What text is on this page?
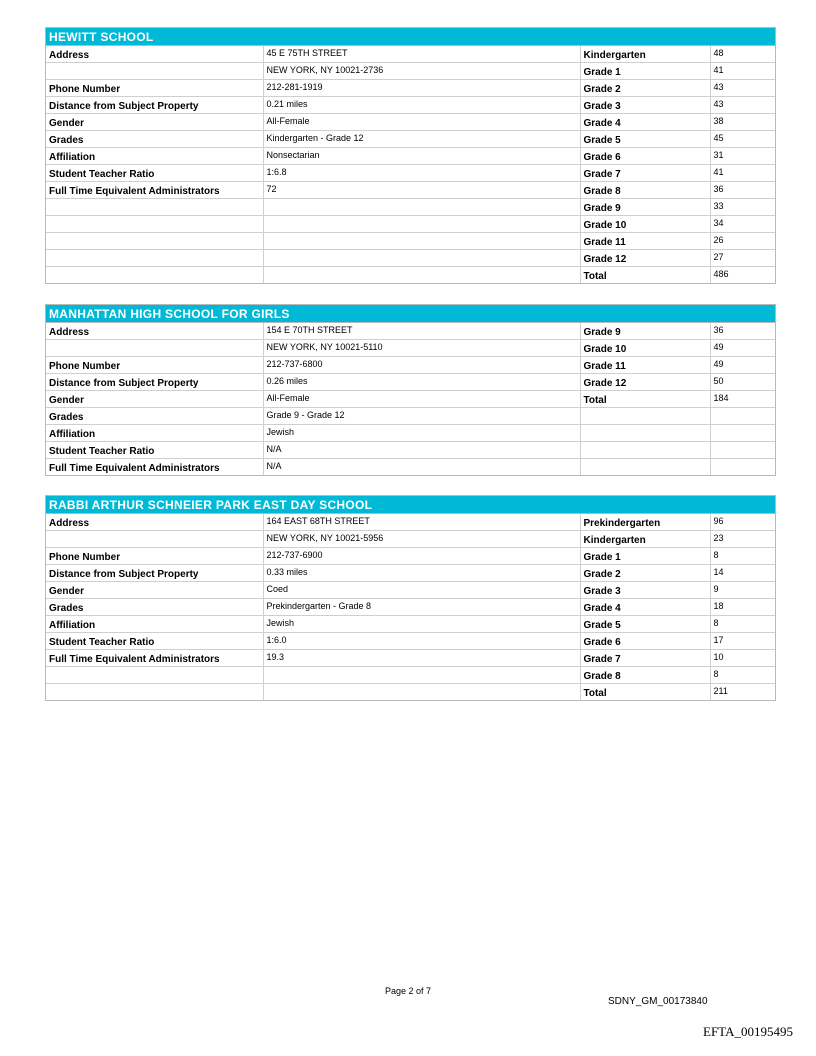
HEWITT SCHOOL
Address	45 E 75TH STREET	Kindergarten	48
	NEW YORK, NY 10021-2736	Grade 1	41
Phone Number	212-281-1919	Grade 2	43
Distance from Subject Property	0.21 miles	Grade 3	43
Gender	All-Female	Grade 4	38
Grades	Kindergarten - Grade 12	Grade 5	45
Affiliation	Nonsectarian	Grade 6	31
Student Teacher Ratio	1:6.8	Grade 7	41
Full Time Equivalent Administrators	72	Grade 8	36
		Grade 9	33
		Grade 10	34
		Grade 11	26
		Grade 12	27
		Total	486
MANHATTAN HIGH SCHOOL FOR GIRLS
Address	154 E 70TH STREET	Grade 9	36
	NEW YORK, NY 10021-5110	Grade 10	49
Phone Number	212-737-6800	Grade 11	49
Distance from Subject Property	0.26 miles	Grade 12	50
Gender	All-Female	Total	184
Grades	Grade 9 - Grade 12		
Affiliation	Jewish		
Student Teacher Ratio	N/A		
Full Time Equivalent Administrators	N/A		
RABBI ARTHUR SCHNEIER PARK EAST DAY SCHOOL
Address	164 EAST 68TH STREET	Prekindergarten	96
	NEW YORK, NY 10021-5956	Kindergarten	23
Phone Number	212-737-6900	Grade 1	8
Distance from Subject Property	0.33 miles	Grade 2	14
Gender	Coed	Grade 3	9
Grades	Prekindergarten - Grade 8	Grade 4	18
Affiliation	Jewish	Grade 5	8
Student Teacher Ratio	1:6.0	Grade 6	17
Full Time Equivalent Administrators	19.3	Grade 7	10
		Grade 8	8
		Total	211
Page 2 of 7
SDNY_GM_00173840
EFTA_00195495
